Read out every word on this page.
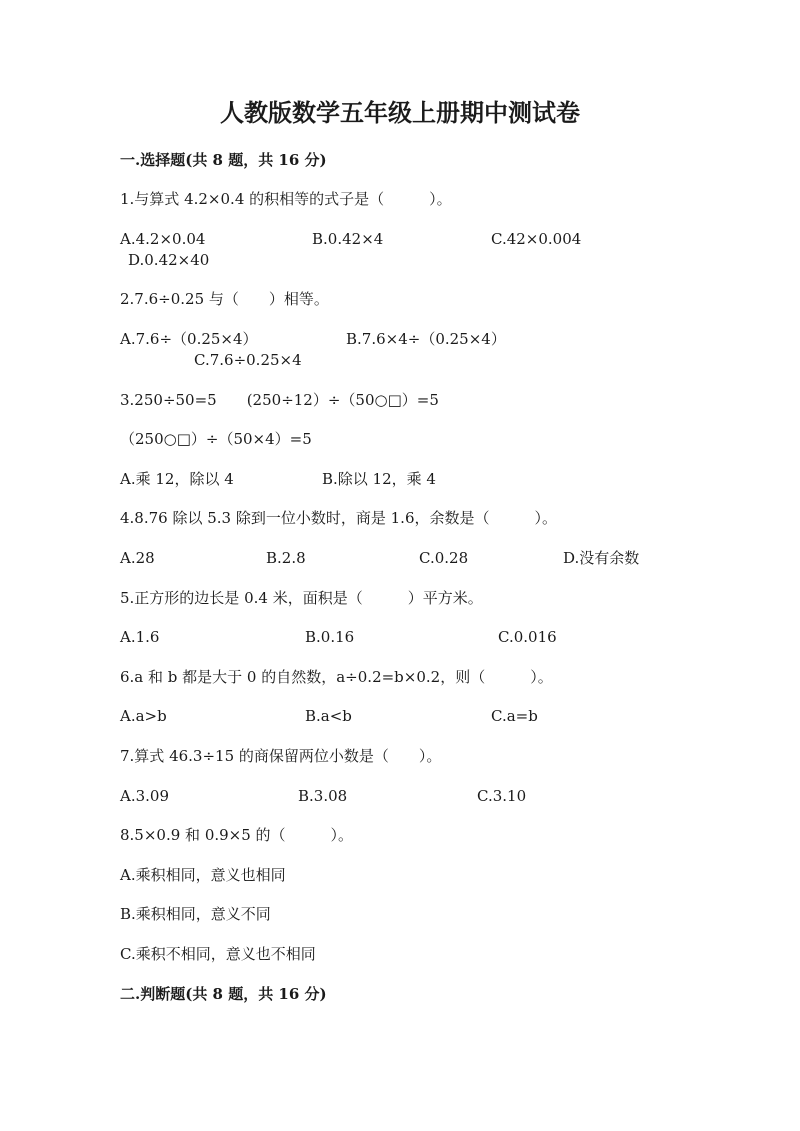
人教版数学五年级上册期中测试卷
一.选择题(共 8 题，共 16 分)
1.与算式 4.2×0.4 的积相等的式子是（　　　）。
A.4.2×0.04	B.0.42×4	C.42×0.004
D.0.42×40
2.7.6÷0.25 与（　　）相等。
A.7.6÷（0.25×4）	B.7.6×4÷（0.25×4）
C.7.6÷0.25×4
3.250÷50=5　　(250÷12）÷（50○□）=5
（250○□）÷（50×4）=5
A.乘 12，除以 4	B.除以 12，乘 4
4.8.76 除以 5.3 除到一位小数时，商是 1.6，余数是（　　　）。
A.28	B.2.8	C.0.28	D.没有余数
5.正方形的边长是 0.4 米，面积是（　　　）平方米。
A.1.6	B.0.16	C.0.016
6.a 和 b 都是大于 0 的自然数，a÷0.2=b×0.2，则（　　　）。
A.a>b	B.a<b	C.a=b
7.算式 46.3÷15 的商保留两位小数是（　　）。
A.3.09	B.3.08	C.3.10
8.5×0.9 和 0.9×5 的（　　　）。
A.乘积相同，意义也相同
B.乘积相同，意义不同
C.乘积不相同，意义也不相同
二.判断题(共 8 题，共 16 分)
